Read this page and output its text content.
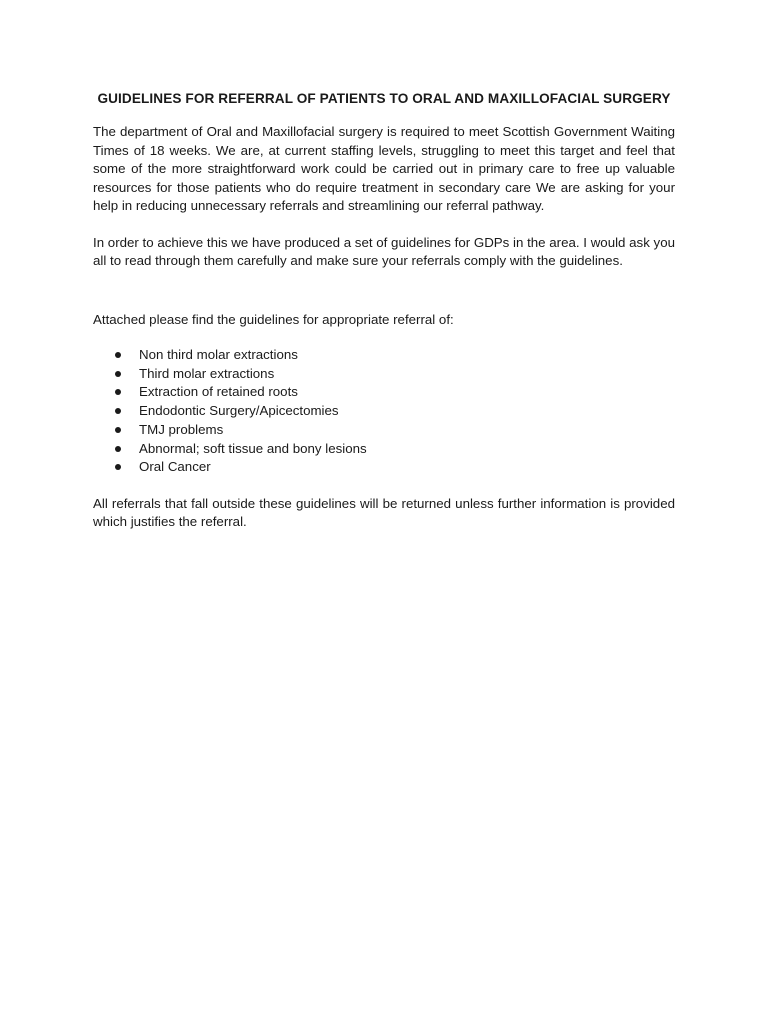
GUIDELINES FOR REFERRAL OF PATIENTS TO ORAL AND MAXILLOFACIAL SURGERY

The department of Oral and Maxillofacial surgery is required to meet Scottish Government Waiting Times of 18 weeks. We are, at current staffing levels, struggling to meet this target and feel that some of the more straightforward work could be carried out in primary care to free up valuable resources for those patients who do require treatment in secondary care We are asking for your help in reducing unnecessary referrals and streamlining our referral pathway.

In order to achieve this we have produced a set of guidelines for GDPs in the area. I would ask you all to read through them carefully and make sure your referrals comply with the guidelines.

Attached please find the guidelines for appropriate referral of:

Non third molar extractions
Third molar extractions
Extraction of retained roots
Endodontic Surgery/Apicectomies
TMJ problems
Abnormal; soft tissue and bony lesions
Oral Cancer

All referrals that fall outside these guidelines will be returned unless further information is provided which justifies the referral.
